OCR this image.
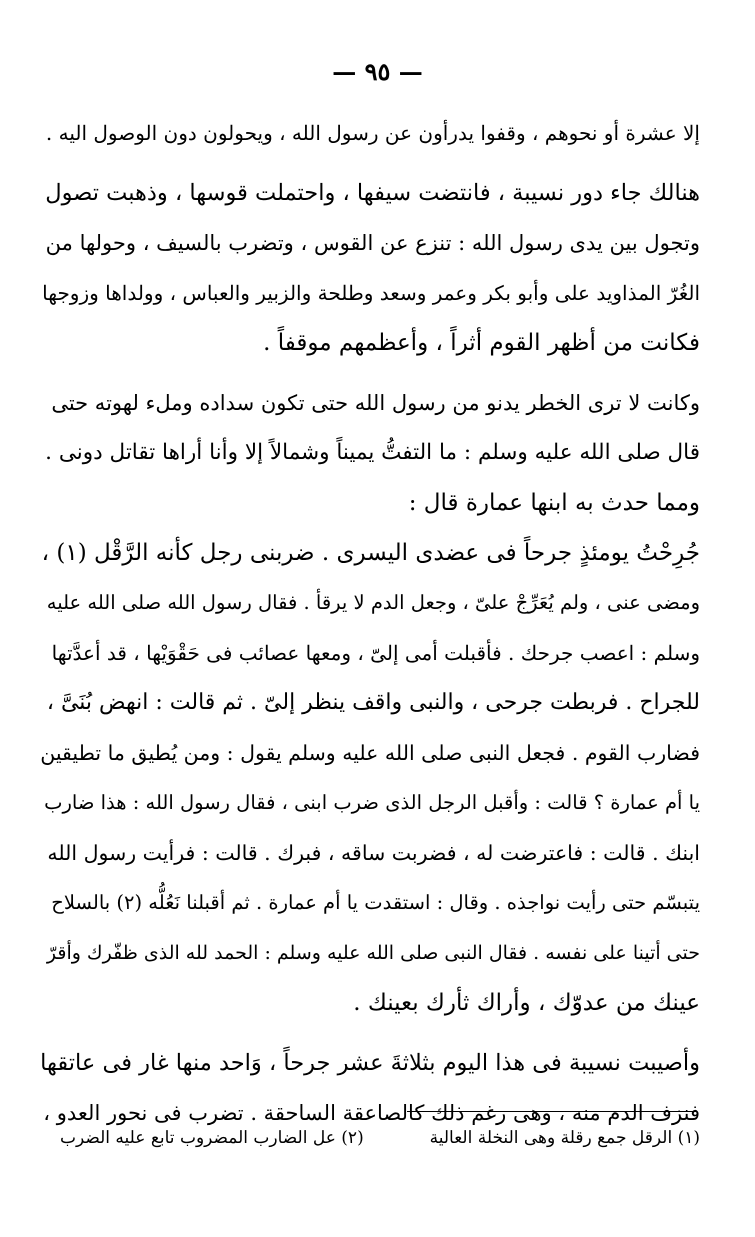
— ٩٥ —
إلا عشرة أو نحوهم ، وقفوا يدرأون عن رسول الله ، ويحولون دون الوصول اليه .
هنالك جاء دور نسيبة ، فانتضت سيفها ، واحتملت قوسها ، وذهبت تصول
وتجول بين يدى رسول الله : تنزع عن القوس ، وتضرب بالسيف ، وحولها من
الغُرّ المذاويد على وأبو بكر وعمر وسعد وطلحة والزبير والعباس ، وولداها وزوجها
فكانت من أظهر القوم أثراً ، وأعظمهم موقفاً .
وكانت لا ترى الخطر يدنو من رسول الله حتى تكون سداده وملء لهوته حتى
قال صلى الله عليه وسلم : ما التفتُّ يميناً وشمالاً إلا وأنا أراها تقاتل دونى .
ومما حدث به ابنها عمارة قال :
جُرِحْتُ يومئذٍ جرحاً فى عضدى اليسرى . ضربنى رجل كأنه الرَّقْل (١) ،
ومضى عنى ، ولم يُعَرِّجْ علىّ ، وجعل الدم لا يرقأ . فقال رسول الله صلى الله عليه
وسلم : اعصب جرحك . فأقبلت أمى إلىّ ، ومعها عصائب فى حَقْوَيْها ، قد أعدَّتها
للجراح . فربطت جرحى ، والنبى واقف ينظر إلىّ . ثم قالت : انهض بُنَىَّ ،
فضارب القوم . فجعل النبى صلى الله عليه وسلم يقول : ومن يُطيق ما تطيقين
يا أم عمارة ؟ قالت : وأقبل الرجل الذى ضرب ابنى ، فقال رسول الله : هذا ضارب
ابنك . قالت : فاعترضت له ، فضربت ساقه ، فبرك . قالت : فرأيت رسول الله
يتبسّم حتى رأيت نواجذه . وقال : استقدت يا أم عمارة . ثم أقبلنا نَعُلُّه (٢) بالسلاح
حتى أتينا على نفسه . فقال النبى صلى الله عليه وسلم : الحمد لله الذى ظفّرك وأقرّ
عينك من عدوّك ، وأراك ثأرك بعينك .
وأصيبت نسيبة فى هذا اليوم بثلاثةَ عشر جرحاً ، وَاحد منها غار فى عاتقها
فنزف الدم منه ، وهى رغم ذلك كالصاعقة الساحقة . تضرب فى نحور العدو ،
(١) الرقل جمع رقلة وهى النخلة العالية
(٢) عل الضارب المضروب تابع عليه الضرب
